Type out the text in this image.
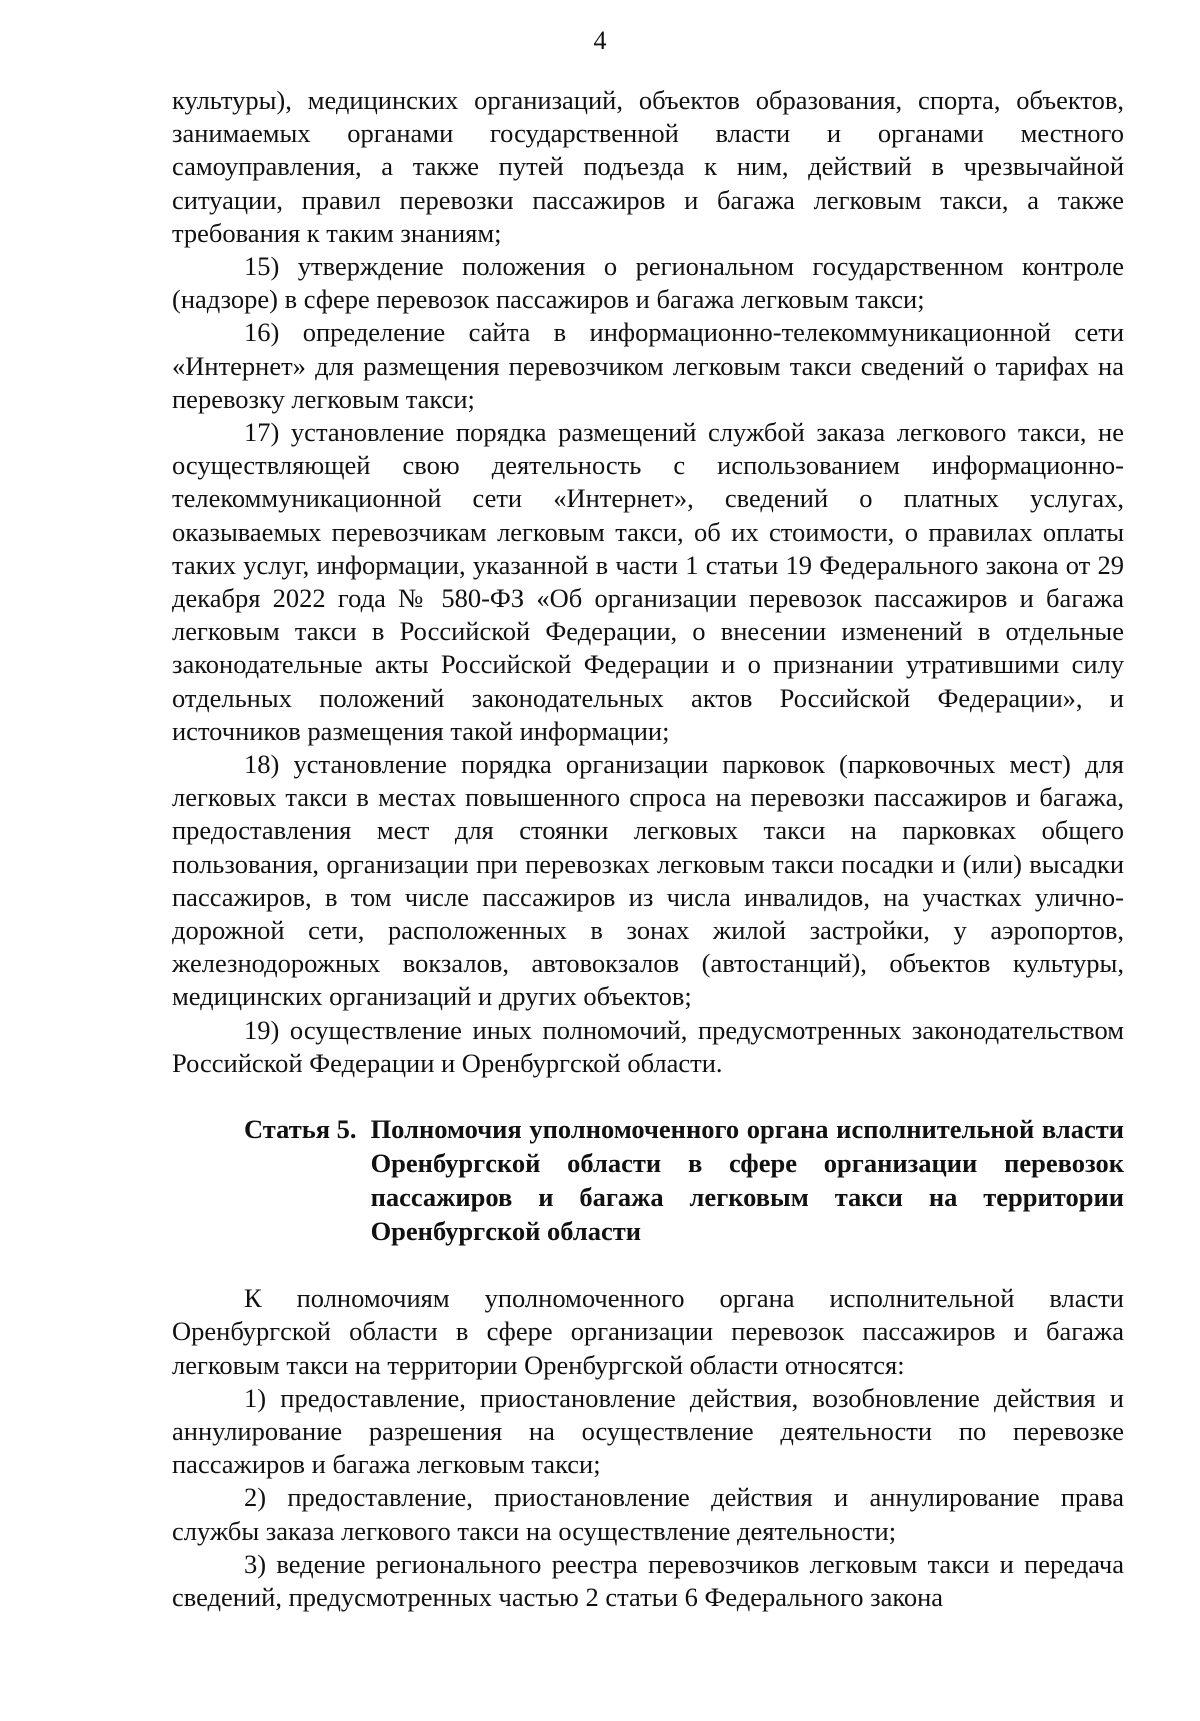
4

культуры), медицинских организаций, объектов образования, спорта, объектов, занимаемых органами государственной власти и органами местного самоуправления, а также путей подъезда к ним, действий в чрезвычайной ситуации, правил перевозки пассажиров и багажа легковым такси, а также требования к таким знаниям;

15) утверждение положения о региональном государственном контроле (надзоре) в сфере перевозок пассажиров и багажа легковым такси;

16) определение сайта в информационно-телекоммуникационной сети «Интернет» для размещения перевозчиком легковым такси сведений о тарифах на перевозку легковым такси;

17) установление порядка размещений службой заказа легкового такси, не осуществляющей свою деятельность с использованием информационно-телекоммуникационной сети «Интернет», сведений о платных услугах, оказываемых перевозчикам легковым такси, об их стоимости, о правилах оплаты таких услуг, информации, указанной в части 1 статьи 19 Федерального закона от 29 декабря 2022 года № 580-ФЗ «Об организации перевозок пассажиров и багажа легковым такси в Российской Федерации, о внесении изменений в отдельные законодательные акты Российской Федерации и о признании утратившими силу отдельных положений законодательных актов Российской Федерации», и источников размещения такой информации;

18) установление порядка организации парковок (парковочных мест) для легковых такси в местах повышенного спроса на перевозки пассажиров и багажа, предоставления мест для стоянки легковых такси на парковках общего пользования, организации при перевозках легковым такси посадки и (или) высадки пассажиров, в том числе пассажиров из числа инвалидов, на участках улично-дорожной сети, расположенных в зонах жилой застройки, у аэропортов, железнодорожных вокзалов, автовокзалов (автостанций), объектов культуры, медицинских организаций и других объектов;

19) осуществление иных полномочий, предусмотренных законодательством Российской Федерации и Оренбургской области.

Статья 5. Полномочия уполномоченного органа исполнительной власти Оренбургской области в сфере организации перевозок пассажиров и багажа легковым такси на территории Оренбургской области

К полномочиям уполномоченного органа исполнительной власти Оренбургской области в сфере организации перевозок пассажиров и багажа легковым такси на территории Оренбургской области относятся:

1) предоставление, приостановление действия, возобновление действия и аннулирование разрешения на осуществление деятельности по перевозке пассажиров и багажа легковым такси;

2) предоставление, приостановление действия и аннулирование права службы заказа легкового такси на осуществление деятельности;

3) ведение регионального реестра перевозчиков легковым такси и передача сведений, предусмотренных частью 2 статьи 6 Федерального закона
